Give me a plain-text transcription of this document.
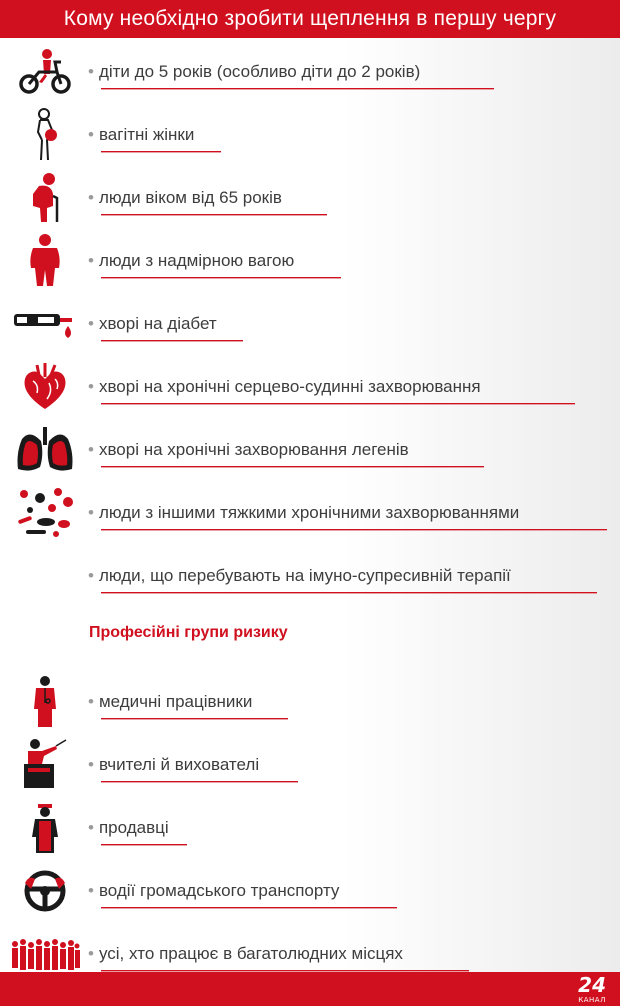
Кому необхідно зробити щеплення в першу чергу
• діти до 5 років (особливо діти до 2 років)
• вагітні жінки
• люди віком від 65 років
• люди з надмірною вагою
• хворі на діабет
• хворі на хронічні серцево-судинні захворювання
• хворі на хронічні захворювання легенів
• люди з іншими тяжкими хронічними захворюваннями
• люди, що перебувають на імуно-супресивній терапії
Професійні групи ризику
• медичні працівники
• вчителі й вихователі
• продавці
• водії громадського транспорту
• усі, хто працює в багатолюдних місцях
24
КАНАЛ
